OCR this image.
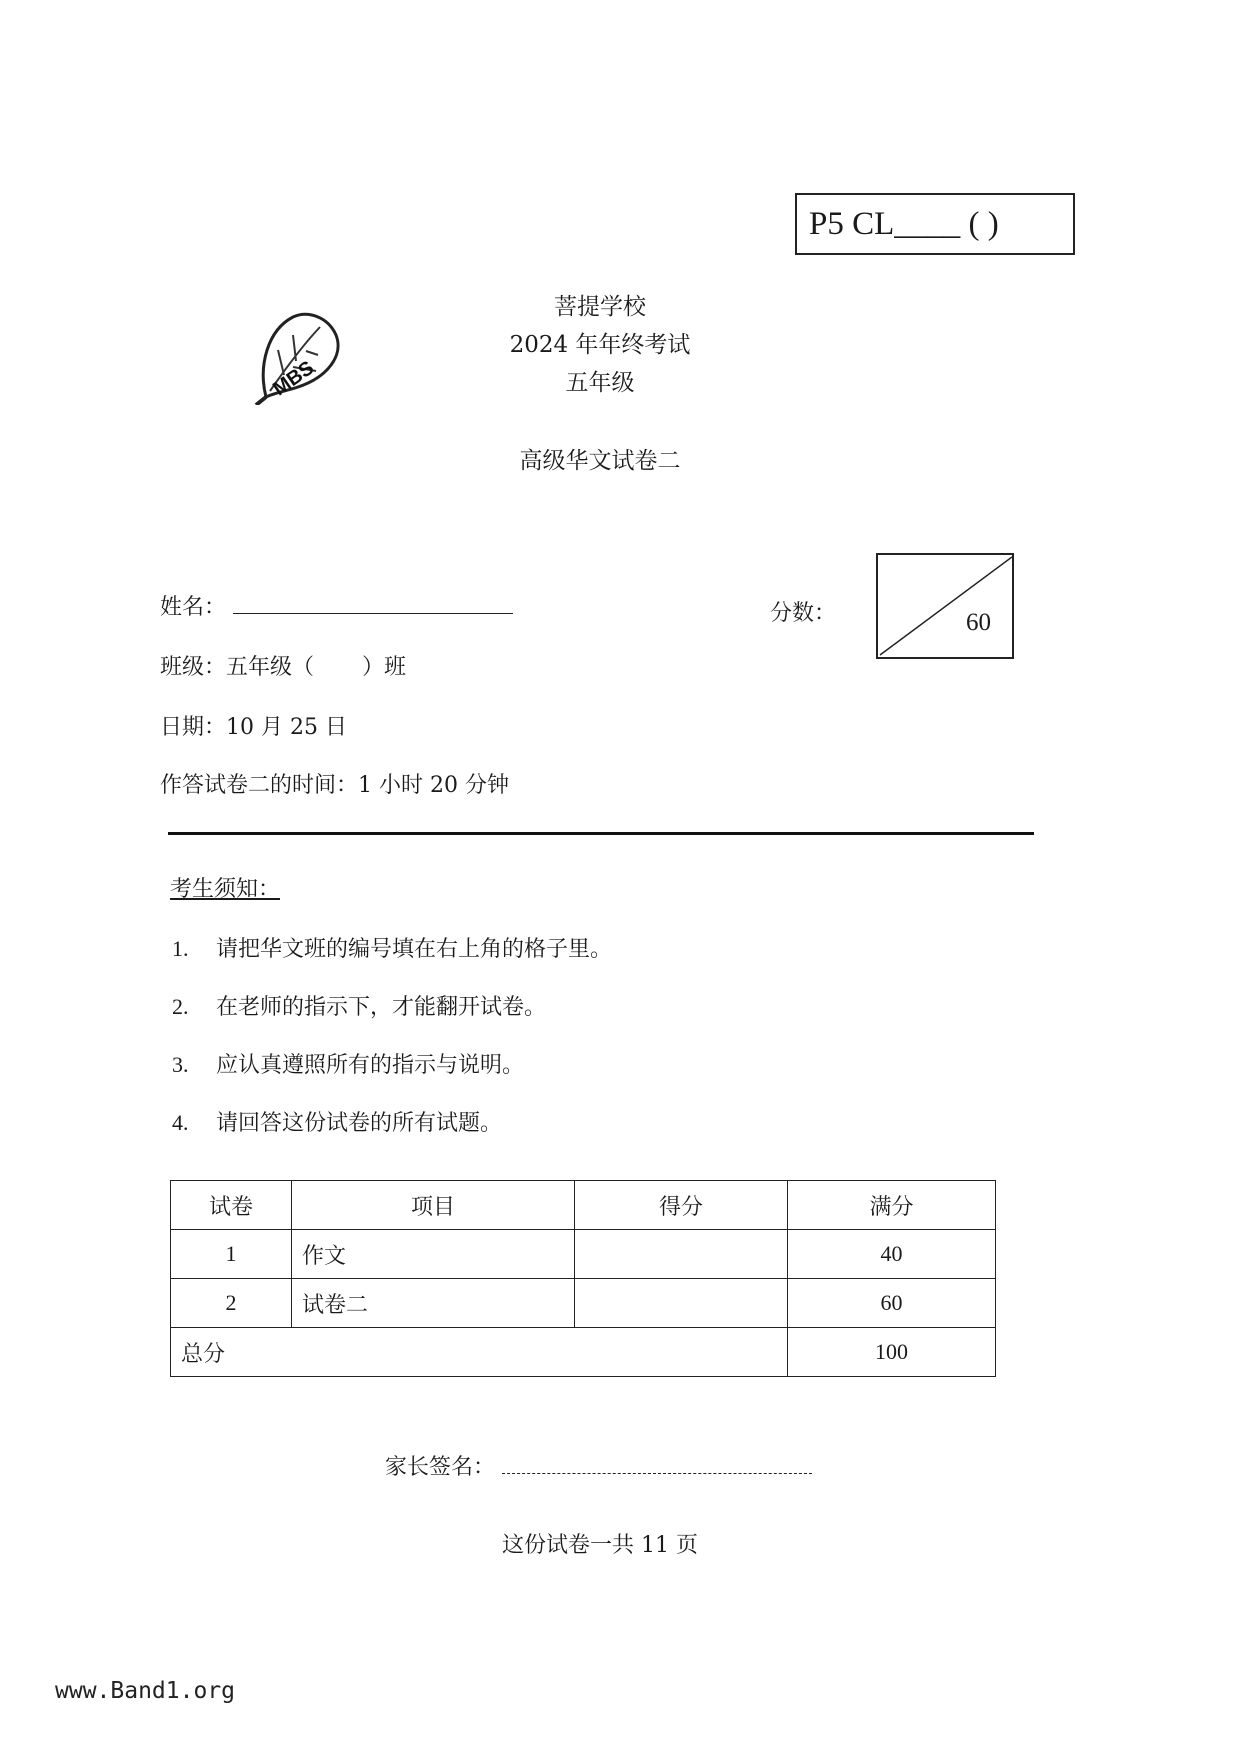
P5 CL____ ( )
MBS
菩提学校
2024 年年终考试
五年级
高级华文试卷二
姓名：
班级：五年级（ ）班
日期：10 月 25 日
作答试卷二的时间：1 小时 20 分钟
分数：	60
考生须知：
1. 请把华文班的编号填在右上角的格子里。
2. 在老师的指示下，才能翻开试卷。
3. 应认真遵照所有的指示与说明。
4. 请回答这份试卷的所有试题。
试卷	项目	得分	满分
1	作文		40
2	试卷二		60
总分			100
家长签名：
这份试卷一共 11 页
www.Band1.org
